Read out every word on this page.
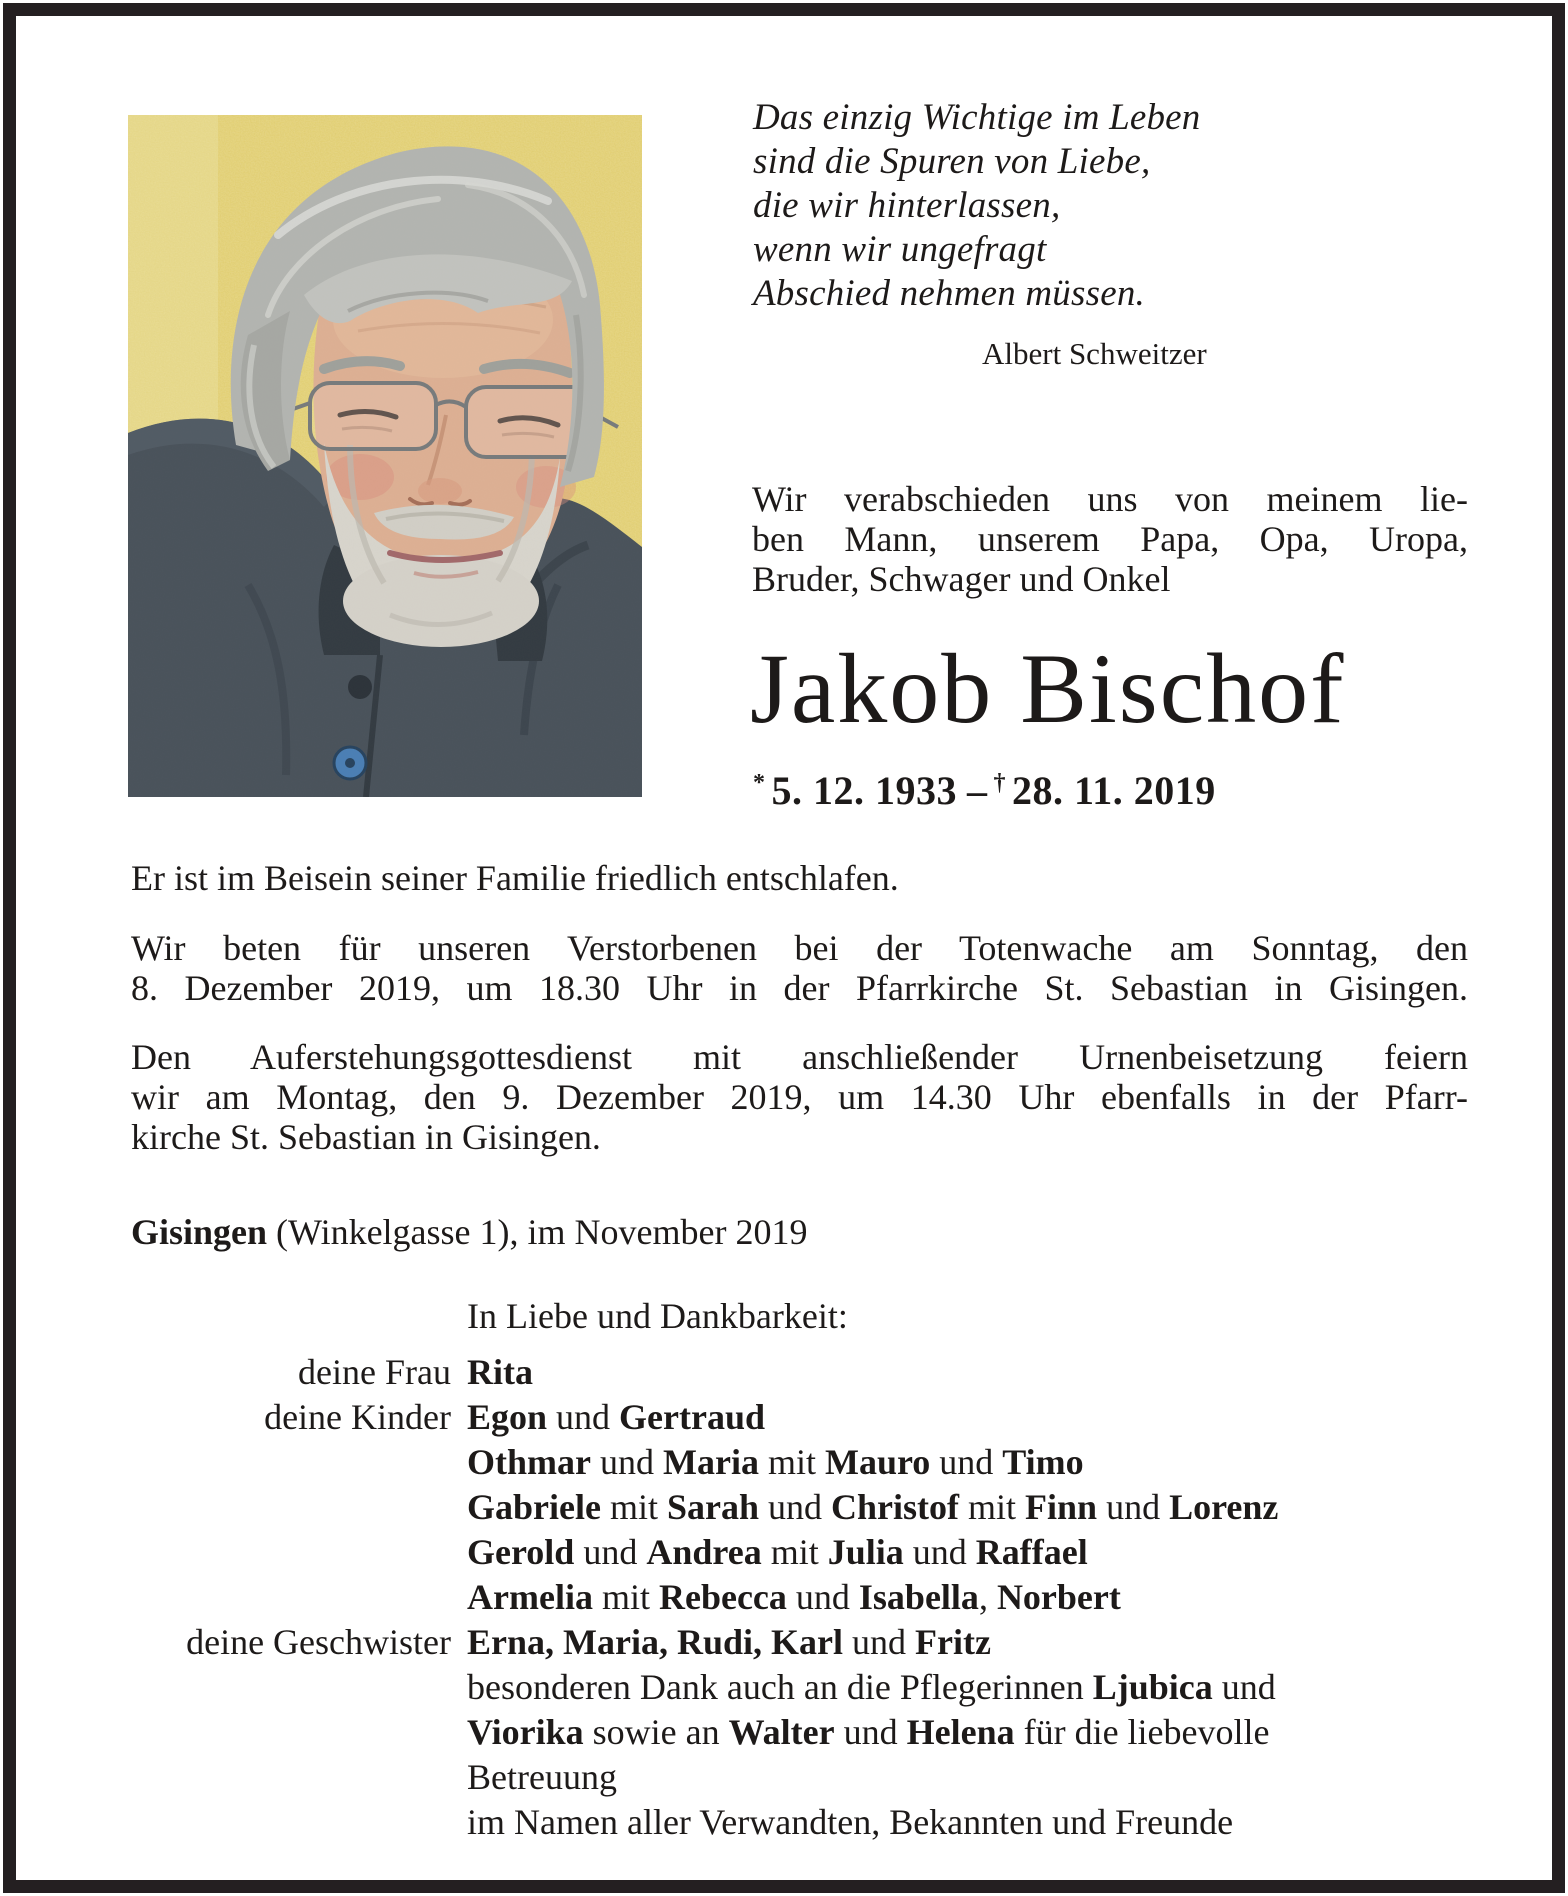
Das einzig Wichtige im Leben
sind die Spuren von Liebe,
die wir hinterlassen,
wenn wir ungefragt
Abschied nehmen müssen.
Albert Schweitzer
Wir verabschieden uns von meinem lie-
ben Mann, unserem Papa, Opa, Uropa,
Bruder, Schwager und Onkel
Jakob Bischof
* 5. 12. 1933 – † 28. 11. 2019
Er ist im Beisein seiner Familie friedlich entschlafen.
Wir beten für unseren Verstorbenen bei der Totenwache am Sonntag, den
8. Dezember 2019, um 18.30 Uhr in der Pfarrkirche St. Sebastian in Gisingen.
Den Auferstehungsgottesdienst mit anschließender Urnenbeisetzung feiern
wir am Montag, den 9. Dezember 2019, um 14.30 Uhr ebenfalls in der Pfarr-
kirche St. Sebastian in Gisingen.
Gisingen (Winkelgasse 1), im November 2019
In Liebe und Dankbarkeit:
deine Frau Rita
deine Kinder Egon und Gertraud
Othmar und Maria mit Mauro und Timo
Gabriele mit Sarah und Christof mit Finn und Lorenz
Gerold und Andrea mit Julia und Raffael
Armelia mit Rebecca und Isabella, Norbert
deine Geschwister Erna, Maria, Rudi, Karl und Fritz
besonderen Dank auch an die Pflegerinnen Ljubica und
Viorika sowie an Walter und Helena für die liebevolle
Betreuung
im Namen aller Verwandten, Bekannten und Freunde
